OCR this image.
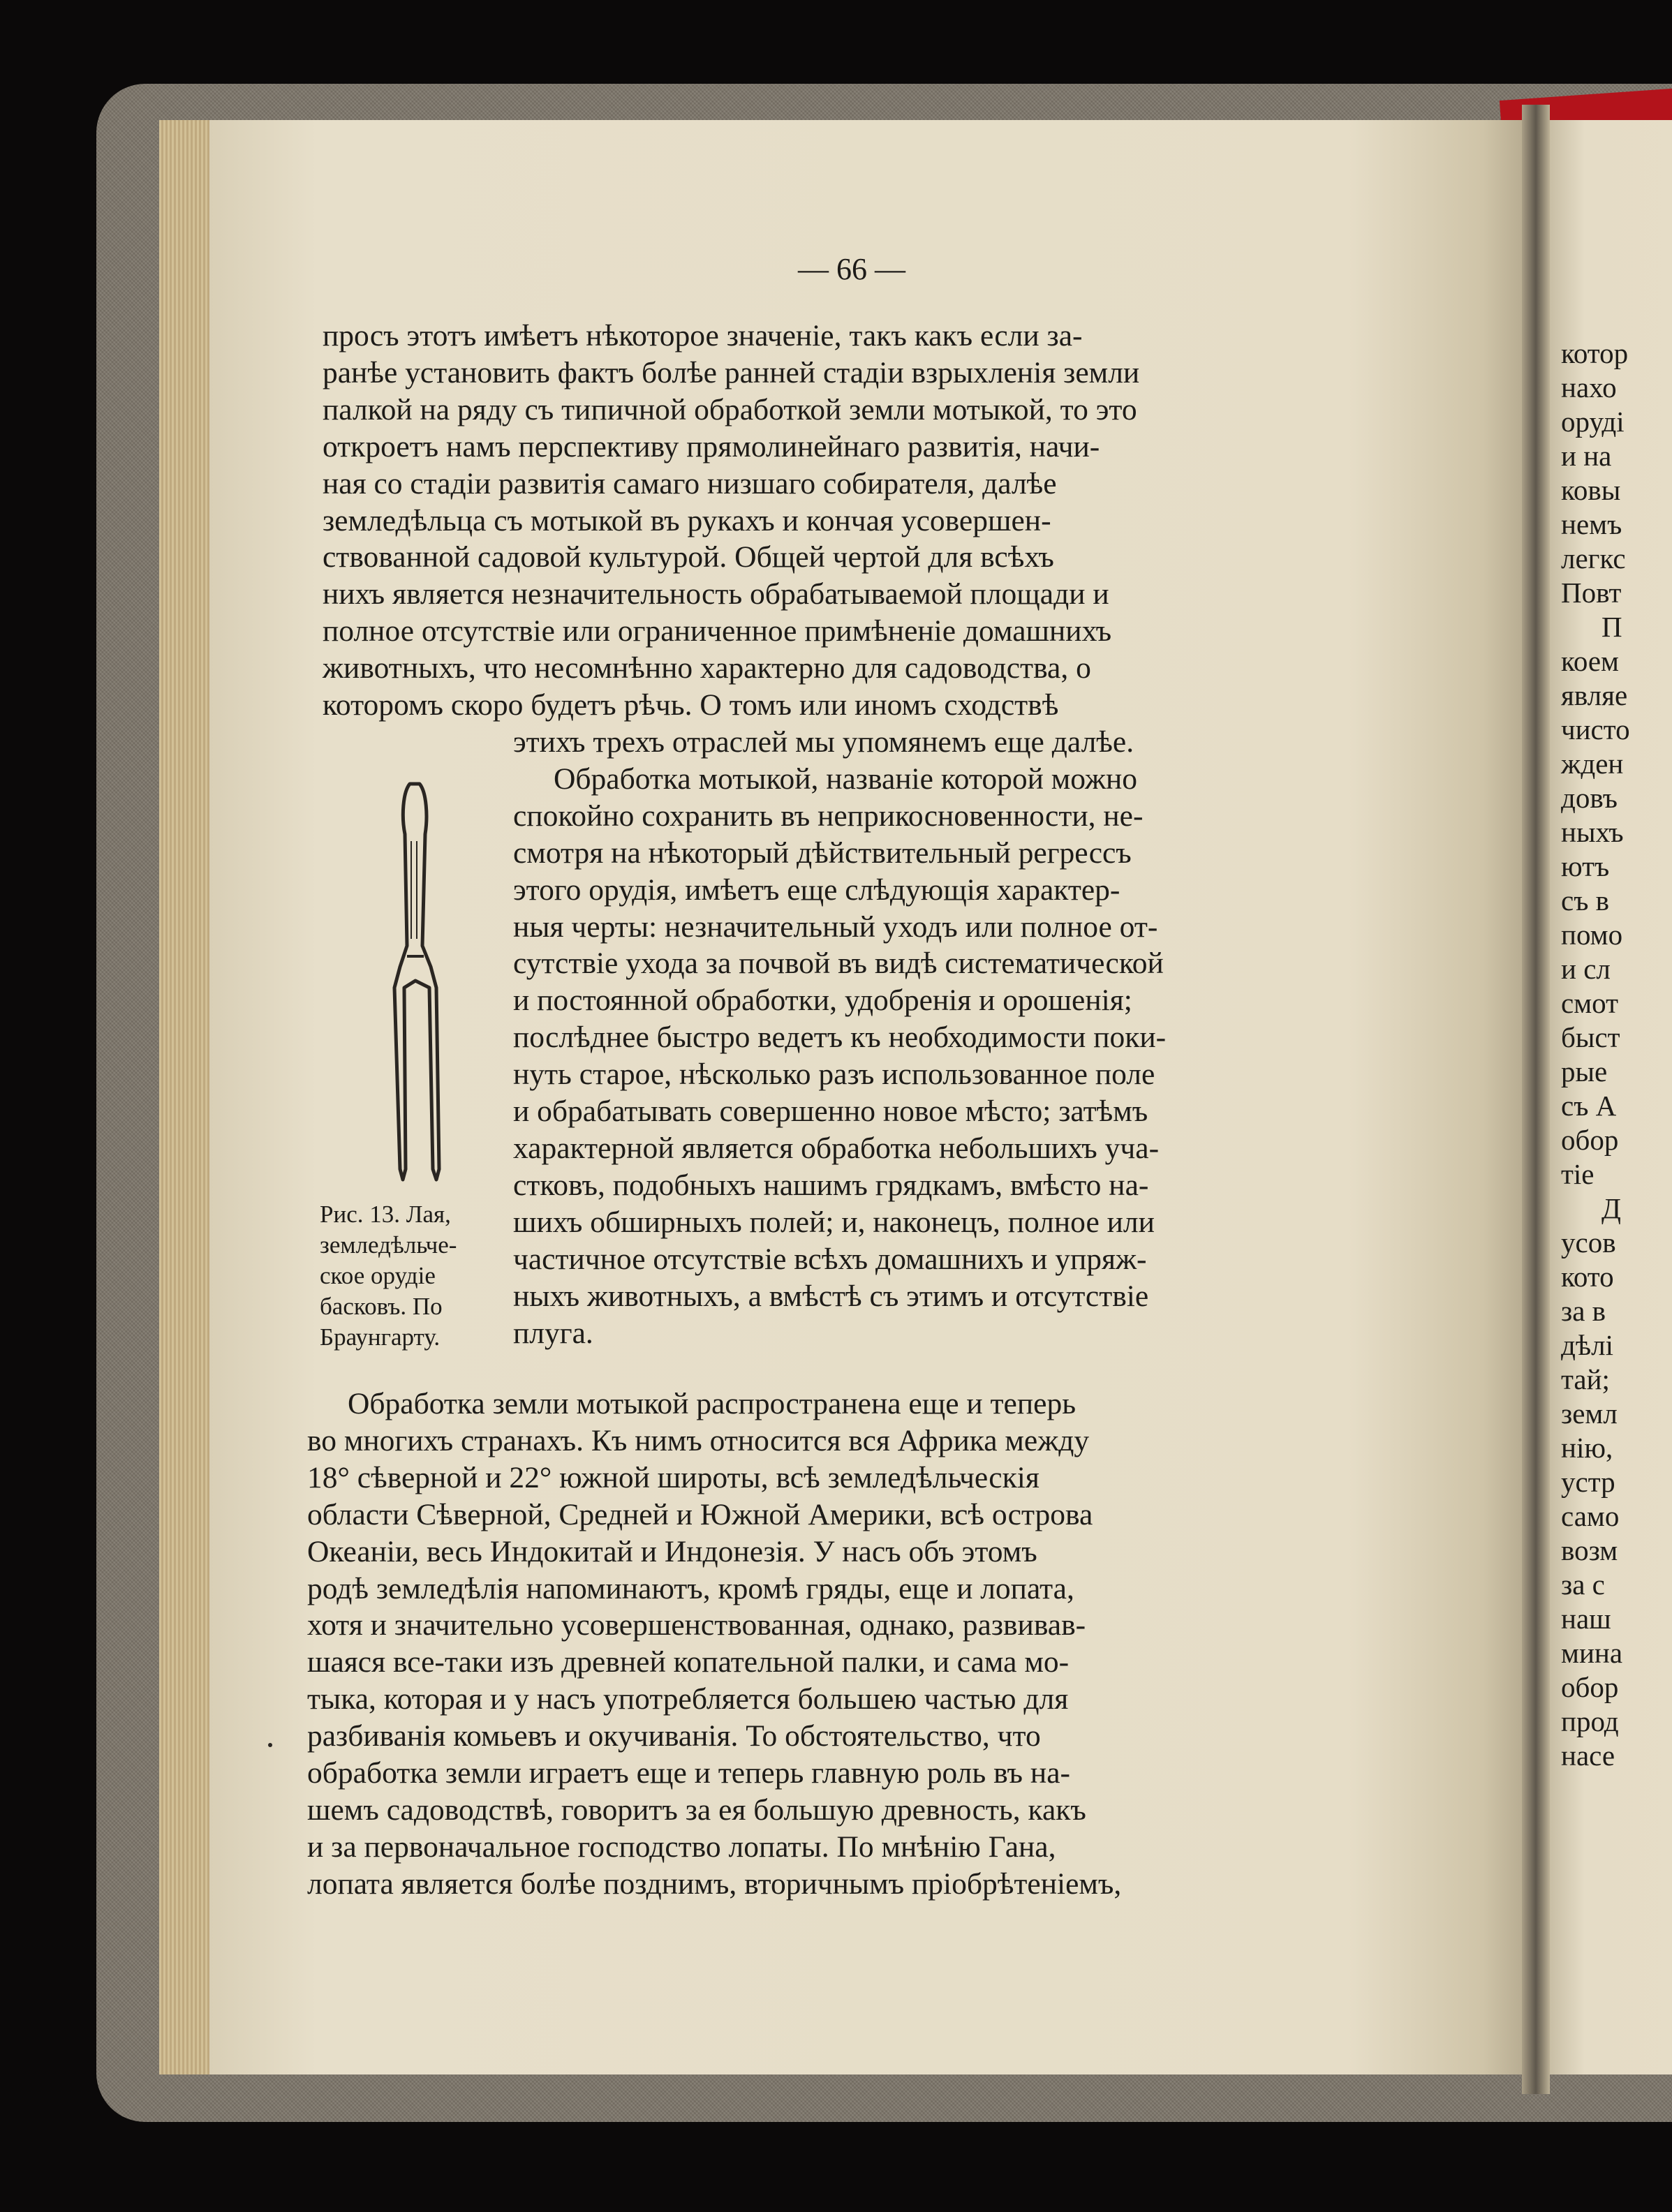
котор
нахо
орудi
и на
ковы
немъ
легкс
Повт
П
коем
являе
чисто
жден
довъ
ныхъ
ютъ
съ в
помо
и сл
смот
быст
рые
съ А
обор
тіе
Д
усов
кото
за в
дѣлі
тай;
земл
нію,
устр
само
возм
за с
наш
мина
обор
прод
насе
— 66 —
просъ этотъ имѣетъ нѣкоторое значеніе, такъ какъ если за-
ранѣе установить фактъ болѣе ранней стадіи взрыхленія земли
палкой на ряду съ типичной обработкой земли мотыкой, то это
откроетъ намъ перспективу прямолинейнаго развитія, начи-
ная со стадіи развитія самаго низшаго собирателя, далѣе
земледѣльца съ мотыкой въ рукахъ и кончая усовершен-
ствованной садовой культурой. Общей чертой для всѣхъ
нихъ является незначительность обрабатываемой площади и
полное отсутствіе или ограниченное примѣненіе домашнихъ
животныхъ, что несомнѣнно характерно для садоводства, о
которомъ скоро будетъ рѣчь. О томъ или иномъ сходствѣ
этихъ трехъ отраслей мы упомянемъ еще далѣе.
Обработка мотыкой, названіе которой можно
спокойно сохранить въ неприкосновенности, не-
смотря на нѣкоторый дѣйствительный регрессъ
этого орудія, имѣетъ еще слѣдующія характер-
ныя черты: незначительный уходъ или полное от-
сутствіе ухода за почвой въ видѣ систематической
и постоянной обработки, удобренія и орошенія;
послѣднее быстро ведетъ къ необходимости поки-
нуть старое, нѣсколько разъ использованное поле
и обрабатывать совершенно новое мѣсто; затѣмъ
характерной является обработка небольшихъ уча-
стковъ, подобныхъ нашимъ грядкамъ, вмѣсто на-
шихъ обширныхъ полей; и, наконецъ, полное или
частичное отсутствіе всѣхъ домашнихъ и упряж-
ныхъ животныхъ, а вмѣстѣ съ этимъ и отсутствіе
плуга.
Рис. 13. Лая,
земледѣльче-
ское орудіе
басковъ. По
Браунгарту.
Обработка земли мотыкой распространена еще и теперь
во многихъ странахъ. Къ нимъ относится вся Африка между
18° сѣверной и 22° южной широты, всѣ земледѣльческія
области Сѣверной, Средней и Южной Америки, всѣ острова
Океаніи, весь Индокитай и Индонезія. У насъ объ этомъ
родѣ земледѣлія напоминаютъ, кромѣ гряды, еще и лопата,
хотя и значительно усовершенствованная, однако, развивав-
шаяся все-таки изъ древней копательной палки, и сама мо-
тыка, которая и у насъ употребляется большею частью для
разбиванія комьевъ и окучиванія. То обстоятельство, что
обработка земли играетъ еще и теперь главную роль въ на-
шемъ садоводствѣ, говоритъ за ея большую древность, какъ
и за первоначальное господство лопаты. По мнѣнію Гана,
лопата является болѣе позднимъ, вторичнымъ пріобрѣтеніемъ,
